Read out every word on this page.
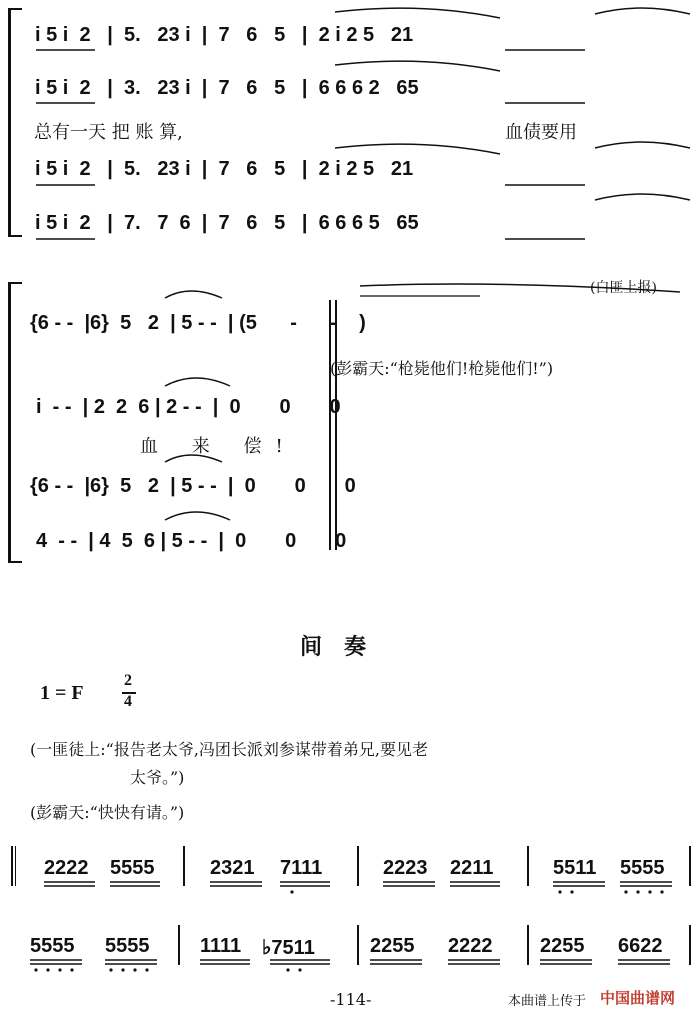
i 5 i  2   |  5.   23 i  |  7   6   5   |  2 i 2 5   21
i 5 i  2   |  3.   23 i  |  7   6   5   |  6 6 6 2   65
总有一天 把 账 算,	血债要用
i 5 i  2   |  5.   23 i  |  7   6   5   |  2 i 2 5   21
i 5 i  2   |  7.   7  6  |  7   6   5   |  6 6 6 5   65
(白匪上报)
{6 - -  |6}  5   2  | 5 - -  | (5      -      -    )
(彭霸天:“枪毙他们!枪毙他们!”)
i  - -  | 2  2  6 | 2 - -  |  0       0       0
血 来 偿!
{6 - -  |6}  5   2  | 5 - -  |  0       0       0
4  - -  | 4  5  6 | 5 - -  |  0       0       0
间奏
1 = F
2
4
(一匪徒上:“报告老太爷,冯团长派刘参谋带着弟兄,要见老
太爷。”)
(彭霸天:“快快有请。”)
2222 5555	2321 7111	2223 2211	5511 5555
5555 5555	1111 ♭7511	2255 2222 2255 6622
-114-	本曲谱上传于 中国曲谱网
